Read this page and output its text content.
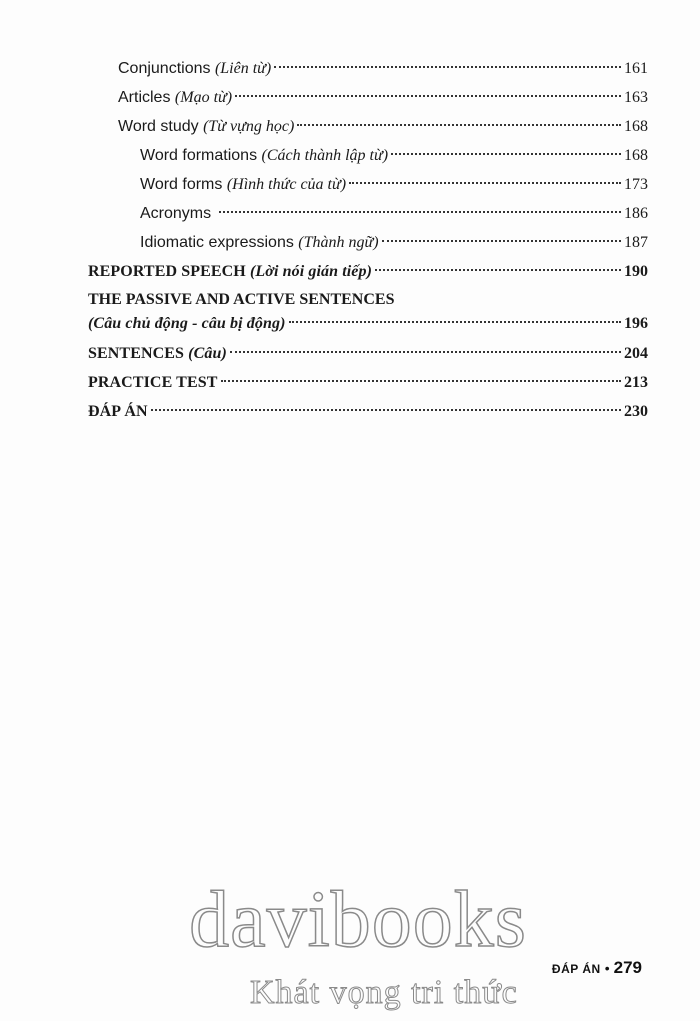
Conjunctions (Liên từ)	161
Articles (Mạo từ)	163
Word study (Từ vựng học)	168
Word formations (Cách thành lập từ)	168
Word forms (Hình thức của từ)	173
Acronyms	186
Idiomatic expressions (Thành ngữ)	187
REPORTED SPEECH (Lời nói gián tiếp)	190
THE PASSIVE AND ACTIVE SENTENCES
(Câu chủ động - câu bị động)	196
SENTENCES (Câu)	204
PRACTICE TEST	213
ĐÁP ÁN	230
davibooks
Khát vọng tri thức
ĐÁP ÁN • 279
